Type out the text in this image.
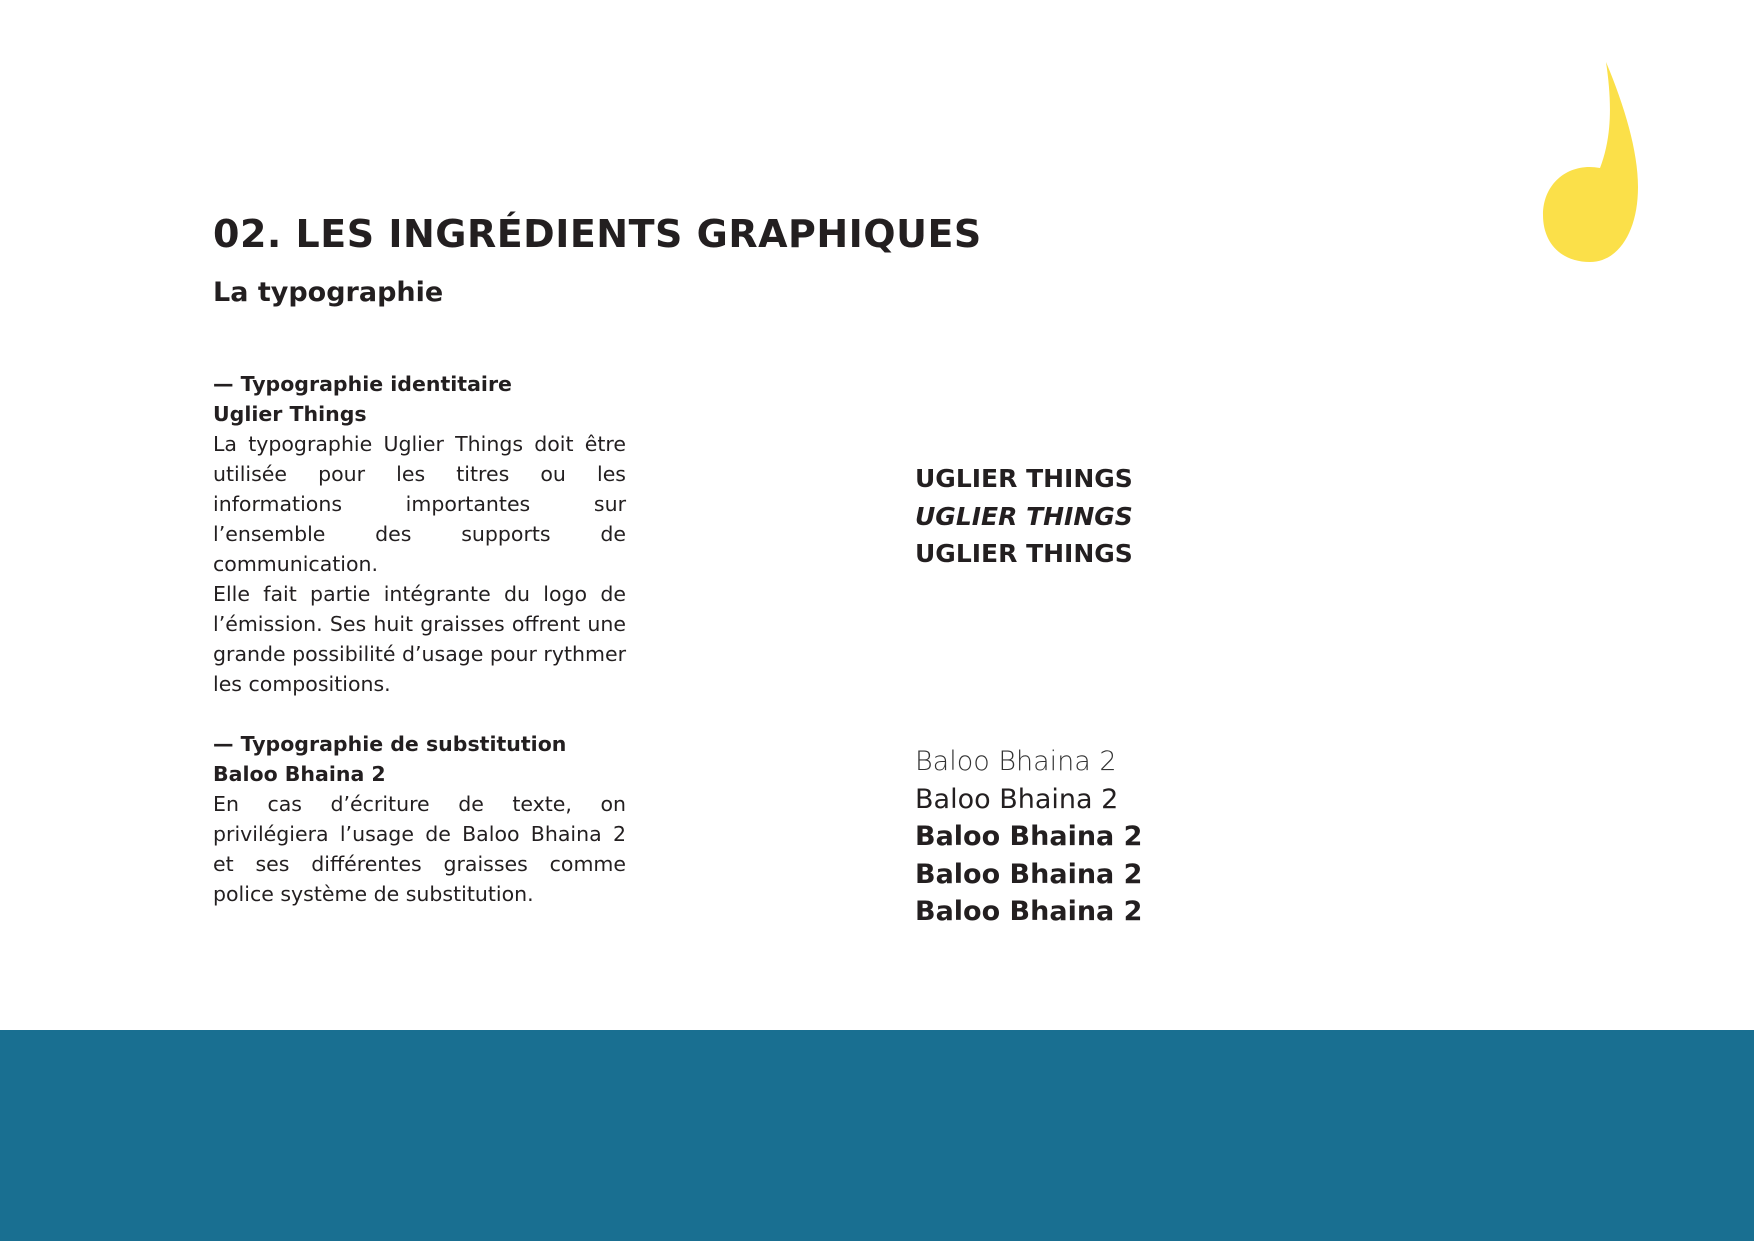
02. LES INGRÉDIENTS GRAPHIQUES
La typographie

— Typographie identitaire

Uglier Things

La typographie Uglier Things doit être utilisée pour les titres ou les informations importantes sur l’ensemble des supports de communication.

Elle fait partie intégrante du logo de l’émission. Ses huit graisses offrent une grande possibilité d’usage pour rythmer les compositions.

— Typographie de substitution

Baloo Bhaina 2

En cas d’écriture de texte, on privilégiera l’usage de Baloo Bhaina 2 et ses différentes graisses comme police système de substitution.

UGLIER THINGS
UGLIER THINGS
UGLIER THINGS
Baloo Bhaina 2
Baloo Bhaina 2
Baloo Bhaina 2
Baloo Bhaina 2
Baloo Bhaina 2
